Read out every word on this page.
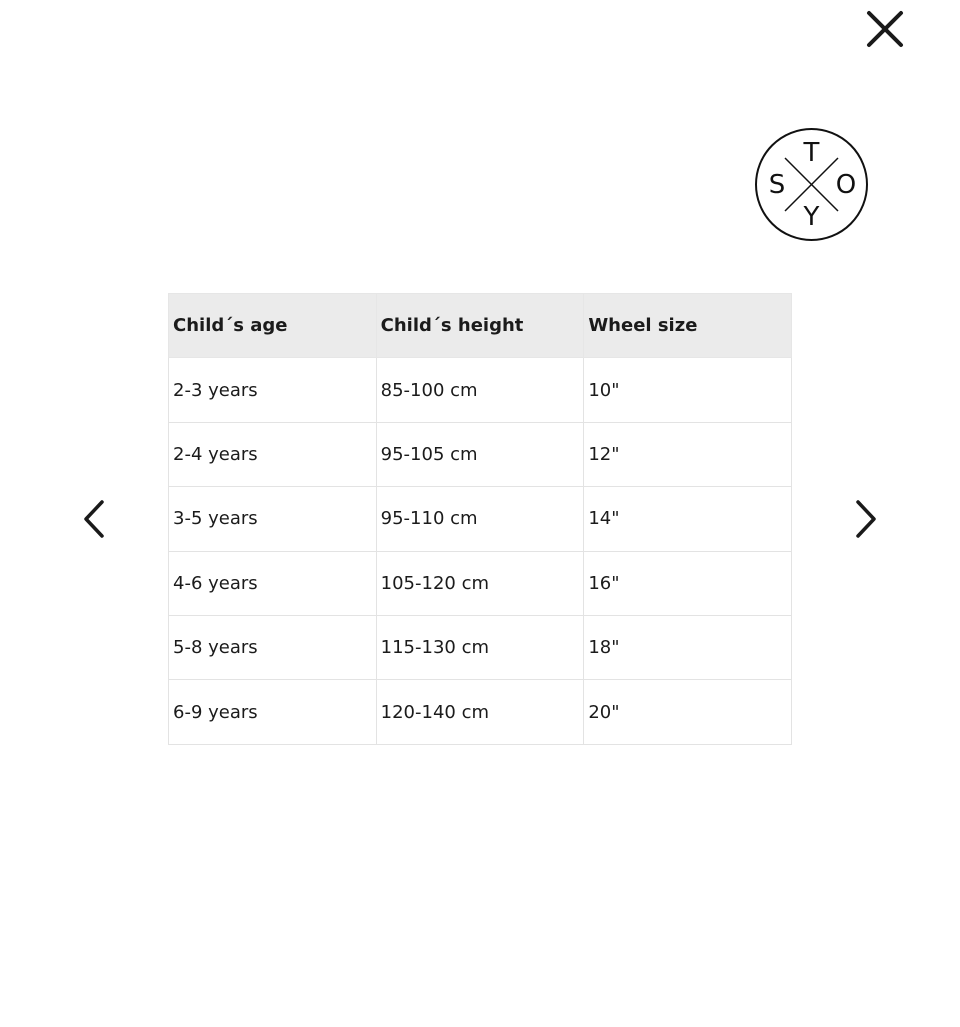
T
S O
Y
Child´s age	Child´s height	Wheel size
2-3 years	85-100 cm	10"
2-4 years	95-105 cm	12"
3-5 years	95-110 cm	14"
4-6 years	105-120 cm	16"
5-8 years	115-130 cm	18"
6-9 years	120-140 cm	20"
